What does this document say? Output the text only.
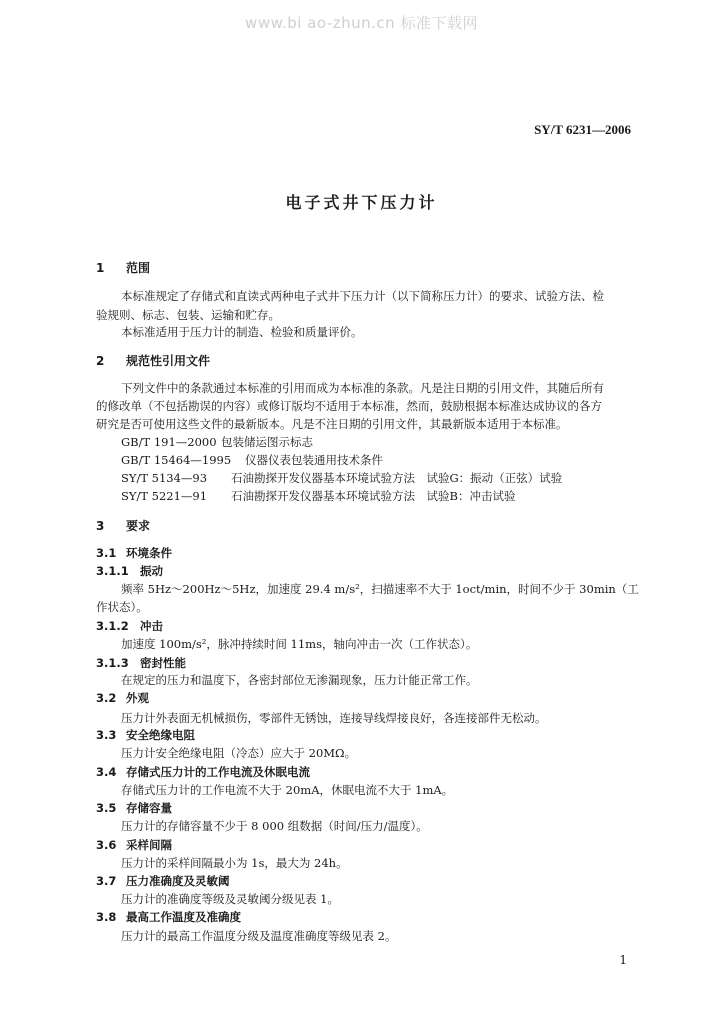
www.bi ao-zhun.cn 标准下载网
SY/T 6231—2006
电子式井下压力计
1 范围
本标准规定了存储式和直读式两种电子式井下压力计（以下简称压力计）的要求、试验方法、检
验规则、标志、包装、运输和贮存。
本标准适用于压力计的制造、检验和质量评价。
2 规范性引用文件
下列文件中的条款通过本标准的引用而成为本标准的条款。凡是注日期的引用文件，其随后所有
的修改单（不包括勘误的内容）或修订版均不适用于本标准，然而，鼓励根据本标准达成协议的各方
研究是否可使用这些文件的最新版本。凡是不注日期的引用文件，其最新版本适用于本标准。
GB/T 191—2000 包装储运图示标志
GB/T 15464—1995 仪器仪表包装通用技术条件
SY/T 5134—93 石油勘探开发仪器基本环境试验方法　试验G：振动（正弦）试验
SY/T 5221—91 石油勘探开发仪器基本环境试验方法　试验B：冲击试验
3 要求
3.1 环境条件
3.1.1 振动
频率 5Hz～200Hz～5Hz，加速度 29.4 m/s²，扫描速率不大于 1oct/min，时间不少于 30min（工
作状态）。
3.1.2 冲击
加速度 100m/s²，脉冲持续时间 11ms，轴向冲击一次（工作状态）。
3.1.3 密封性能
在规定的压力和温度下，各密封部位无渗漏现象，压力计能正常工作。
3.2 外观
压力计外表面无机械损伤，零部件无锈蚀，连接导线焊接良好，各连接部件无松动。
3.3 安全绝缘电阻
压力计安全绝缘电阻（冷态）应大于 20MΩ。
3.4 存储式压力计的工作电流及休眠电流
存储式压力计的工作电流不大于 20mA，休眠电流不大于 1mA。
3.5 存储容量
压力计的存储容量不少于 8 000 组数据（时间/压力/温度）。
3.6 采样间隔
压力计的采样间隔最小为 1s，最大为 24h。
3.7 压力准确度及灵敏阈
压力计的准确度等级及灵敏阈分级见表 1。
3.8 最高工作温度及准确度
压力计的最高工作温度分级及温度准确度等级见表 2。
1
